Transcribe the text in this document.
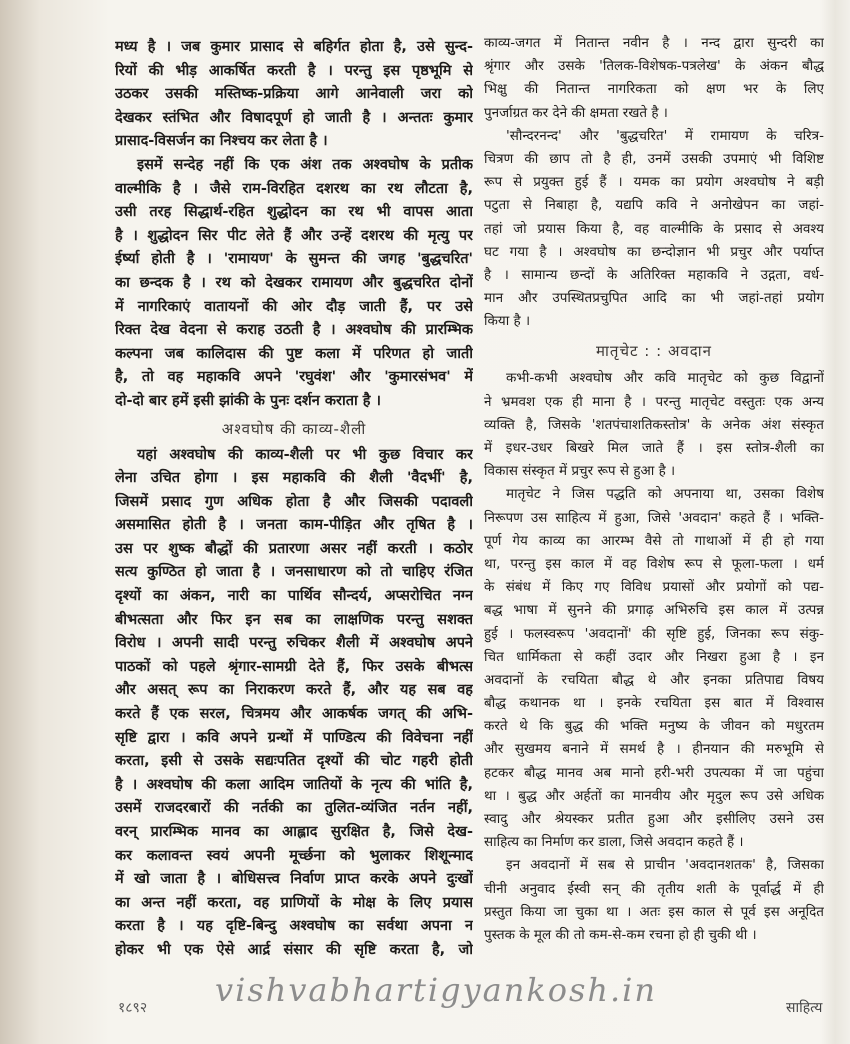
मध्य है । जब कुमार प्रासाद से बहिर्गत होता है, उसे सुन्द-
रियों की भीड़ आकर्षित करती है । परन्तु इस पृष्ठभूमि से
उठकर उसकी मस्तिष्क-प्रक्रिया आगे आनेवाली जरा को
देखकर स्तंभित और विषादपूर्ण हो जाती है । अन्ततः कुमार
प्रासाद-विसर्जन का निश्चय कर लेता है ।
इसमें सन्देह नहीं कि एक अंश तक अश्वघोष के प्रतीक
वाल्मीकि है । जैसे राम-विरहित दशरथ का रथ लौटता है,
उसी तरह सिद्धार्थ-रहित शुद्धोदन का रथ भी वापस आता
है । शुद्धोदन सिर पीट लेते हैं और उन्हें दशरथ की मृत्यु पर
ईर्ष्या होती है । 'रामायण' के सुमन्त की जगह 'बुद्धचरित'
का छन्दक है । रथ को देखकर रामायण और बुद्धचरित दोनों
में नागरिकाएं वातायनों की ओर दौड़ जाती हैं, पर उसे
रिक्त देख वेदना से कराह उठती है । अश्वघोष की प्रारम्भिक
कल्पना जब कालिदास की पुष्ट कला में परिणत हो जाती
है, तो वह महाकवि अपने 'रघुवंश' और 'कुमारसंभव' में
दो-दो बार हमें इसी झांकी के पुनः दर्शन कराता है ।
अश्वघोष की काव्य-शैली
यहां अश्वघोष की काव्य-शैली पर भी कुछ विचार कर
लेना उचित होगा । इस महाकवि की शैली 'वैदर्भी' है,
जिसमें प्रसाद गुण अधिक होता है और जिसकी पदावली
असमासित होती है । जनता काम-पीड़ित और तृषित है ।
उस पर शुष्क बौद्धों की प्रतारणा असर नहीं करती । कठोर
सत्य कुण्ठित हो जाता है । जनसाधारण को तो चाहिए रंजित
दृश्यों का अंकन, नारी का पार्थिव सौन्दर्य, अप्सरोचित नग्न
बीभत्सता और फिर इन सब का लाक्षणिक परन्तु सशक्त
विरोध । अपनी सादी परन्तु रुचिकर शैली में अश्वघोष अपने
पाठकों को पहले श्रृंगार-सामग्री देते हैं, फिर उसके बीभत्स
और असत् रूप का निराकरण करते हैं, और यह सब वह
करते हैं एक सरल, चित्रमय और आकर्षक जगत् की अभि-
सृष्टि द्वारा । कवि अपने ग्रन्थों में पाण्डित्य की विवेचना नहीं
करता, इसी से उसके सद्यःपतित दृश्यों की चोट गहरी होती
है । अश्वघोष की कला आदिम जातियों के नृत्य की भांति है,
उसमें राजदरबारों की नर्तकी का तुलित-व्यंजित नर्तन नहीं,
वरन् प्रारम्भिक मानव का आह्लाद सुरक्षित है, जिसे देख-
कर कलावन्त स्वयं अपनी मूर्च्छना को भुलाकर शिशून्माद
में खो जाता है । बोधिसत्त्व निर्वाण प्राप्त करके अपने दुःखों
का अन्त नहीं करता, वह प्राणियों के मोक्ष के लिए प्रयास
करता है । यह दृष्टि-बिन्दु अश्वघोष का सर्वथा अपना न
होकर भी एक ऐसे आर्द्र संसार की सृष्टि करता है, जो
काव्य-जगत में नितान्त नवीन है । नन्द द्वारा सुन्दरी का
श्रृंगार और उसके 'तिलक-विशेषक-पत्रलेख' के अंकन बौद्ध
भिक्षु की नितान्त नागरिकता को क्षण भर के लिए
पुनर्जाग्रत कर देने की क्षमता रखते है ।
'सौन्दरनन्द' और 'बुद्धचरित' में रामायण के चरित्र-
चित्रण की छाप तो है ही, उनमें उसकी उपमाएं भी विशिष्ट
रूप से प्रयुक्त हुई हैं । यमक का प्रयोग अश्वघोष ने बड़ी
पटुता से निबाहा है, यद्यपि कवि ने अनोखेपन का जहां-
तहां जो प्रयास किया है, वह वाल्मीकि के प्रसाद से अवश्य
घट गया है । अश्वघोष का छन्दोज्ञान भी प्रचुर और पर्याप्त
है । सामान्य छन्दों के अतिरिक्त महाकवि ने उद्गता, वर्ध-
मान और उपस्थितप्रचुपित आदि का भी जहां-तहां प्रयोग
किया है ।
मातृचेट : : अवदान
कभी-कभी अश्वघोष और कवि मातृचेट को कुछ विद्वानों
ने भ्रमवश एक ही माना है । परन्तु मातृचेट वस्तुतः एक अन्य
व्यक्ति है, जिसके 'शतपंचाशतिकस्तोत्र' के अनेक अंश संस्कृत
में इधर-उधर बिखरे मिल जाते हैं । इस स्तोत्र-शैली का
विकास संस्कृत में प्रचुर रूप से हुआ है ।
मातृचेट ने जिस पद्धति को अपनाया था, उसका विशेष
निरूपण उस साहित्य में हुआ, जिसे 'अवदान' कहते हैं । भक्ति-
पूर्ण गेय काव्य का आरम्भ वैसे तो गाथाओं में ही हो गया
था, परन्तु इस काल में वह विशेष रूप से फूला-फला । धर्म
के संबंध में किए गए विविध प्रयासों और प्रयोगों को पद्य-
बद्ध भाषा में सुनने की प्रगाढ़ अभिरुचि इस काल में उत्पन्न
हुई । फलस्वरूप 'अवदानों' की सृष्टि हुई, जिनका रूप संकु-
चित धार्मिकता से कहीं उदार और निखरा हुआ है । इन
अवदानों के रचयिता बौद्ध थे और इनका प्रतिपाद्य विषय
बौद्ध कथानक था । इनके रचयिता इस बात में विश्वास
करते थे कि बुद्ध की भक्ति मनुष्य के जीवन को मधुरतम
और सुखमय बनाने में समर्थ है । हीनयान की मरुभूमि से
हटकर बौद्ध मानव अब मानो हरी-भरी उपत्यका में जा पहुंचा
था । बुद्ध और अर्हतों का मानवीय और मृदुल रूप उसे अधिक
स्वादु और श्रेयस्कर प्रतीत हुआ और इसीलिए उसने उस
साहित्य का निर्माण कर डाला, जिसे अवदान कहते हैं ।
इन अवदानों में सब से प्राचीन 'अवदानशतक' है, जिसका
चीनी अनुवाद ईस्वी सन् की तृतीय शती के पूर्वार्द्ध में ही
प्रस्तुत किया जा चुका था । अतः इस काल से पूर्व इस अनूदित
पुस्तक के मूल की तो कम-से-कम रचना हो ही चुकी थी ।
vishvabhartigyankosh.in
१८९२	साहित्य
